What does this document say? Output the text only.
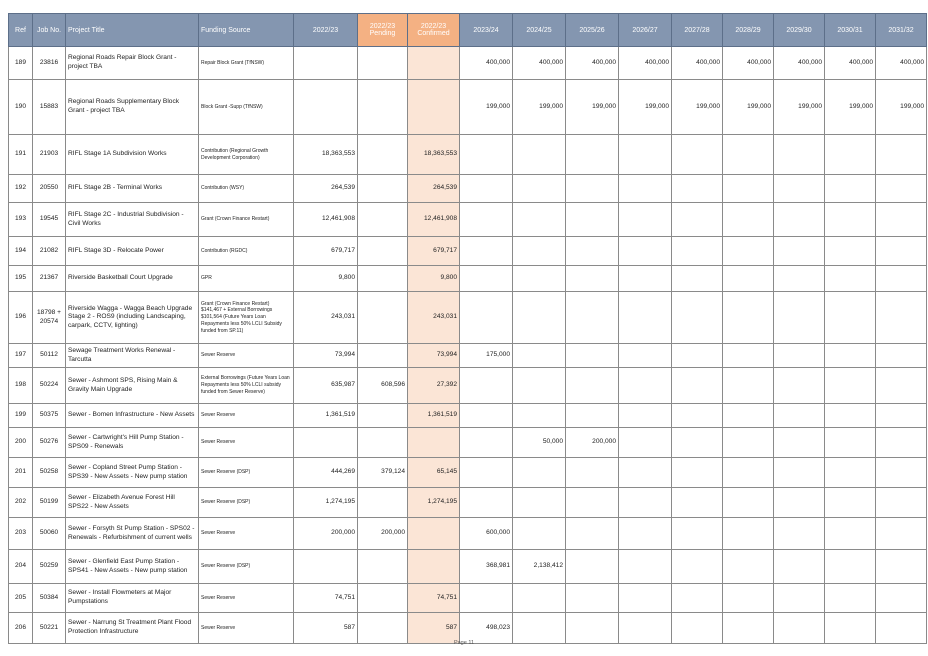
Ref	Job No.	Project Title	Funding Source	2022/23	2022/23 Pending	2022/23 Confirmed	2023/24	2024/25	2025/26	2026/27	2027/28	2028/29	2029/30	2030/31	2031/32
189	23816	Regional Roads Repair Block Grant - project TBA	Repair Block Grant (TfNSW)				400,000	400,000	400,000	400,000	400,000	400,000	400,000	400,000	400,000
190	15883	Regional Roads Supplementary Block Grant - project TBA	Block Grant -Supp (TfNSW)				199,000	199,000	199,000	199,000	199,000	199,000	199,000	199,000	199,000
191	21903	RIFL Stage 1A Subdivision Works	Contribution (Regional Growth Development Corporation)	18,363,553		18,363,553									
192	20550	RIFL Stage 2B - Terminal Works	Contribution (WSY)	264,539		264,539									
193	19545	RIFL Stage 2C - Industrial Subdivision - Civil Works	Grant (Crown Finance Restart)	12,461,908		12,461,908									
194	21082	RIFL Stage 3D - Relocate Power	Contribution (RGDC)	679,717		679,717									
195	21367	Riverside Basketball Court Upgrade	GPR	9,800		9,800									
196	18798 + 20574	Riverside Wagga - Wagga Beach Upgrade Stage 2 - ROS9 (including Landscaping, carpark, CCTV, lighting)	Grant (Crown Finance Restart) $141,467 + External Borrowings $101,564 (Future Years Loan Repayments less 50% LCLI Subsidy funded from SP.11)	243,031		243,031									
197	50112	Sewage Treatment Works Renewal - Tarcutta	Sewer Reserve	73,994		73,994	175,000								
198	50224	Sewer - Ashmont SPS, Rising Main & Gravity Main Upgrade	External Borrowings (Future Years Loan Repayments less 50% LCLI subsidy funded from Sewer Reserve)	635,987	608,596	27,392									
199	50375	Sewer - Bomen Infrastructure - New Assets	Sewer Reserve	1,361,519		1,361,519									
200	50276	Sewer - Cartwright's Hill Pump Station - SPS09 - Renewals	Sewer Reserve					50,000	200,000						
201	50258	Sewer - Copland Street Pump Station - SPS39 - New Assets - New pump station	Sewer Reserve (DSP)	444,269	379,124	65,145									
202	50199	Sewer - Elizabeth Avenue Forest Hill SPS22 - New Assets	Sewer Reserve (DSP)	1,274,195		1,274,195									
203	50060	Sewer - Forsyth St Pump Station - SPS02 - Renewals - Refurbishment of current wells	Sewer Reserve	200,000	200,000		600,000								
204	50259	Sewer - Glenfield East Pump Station - SPS41 - New Assets - New pump station	Sewer Reserve (DSP)				368,981	2,138,412							
205	50384	Sewer - Install Flowmeters at Major Pumpstations	Sewer Reserve	74,751		74,751									
206	50221	Sewer - Narrung St Treatment Plant Flood Protection Infrastructure	Sewer Reserve	587		587	498,023								
Page 11
